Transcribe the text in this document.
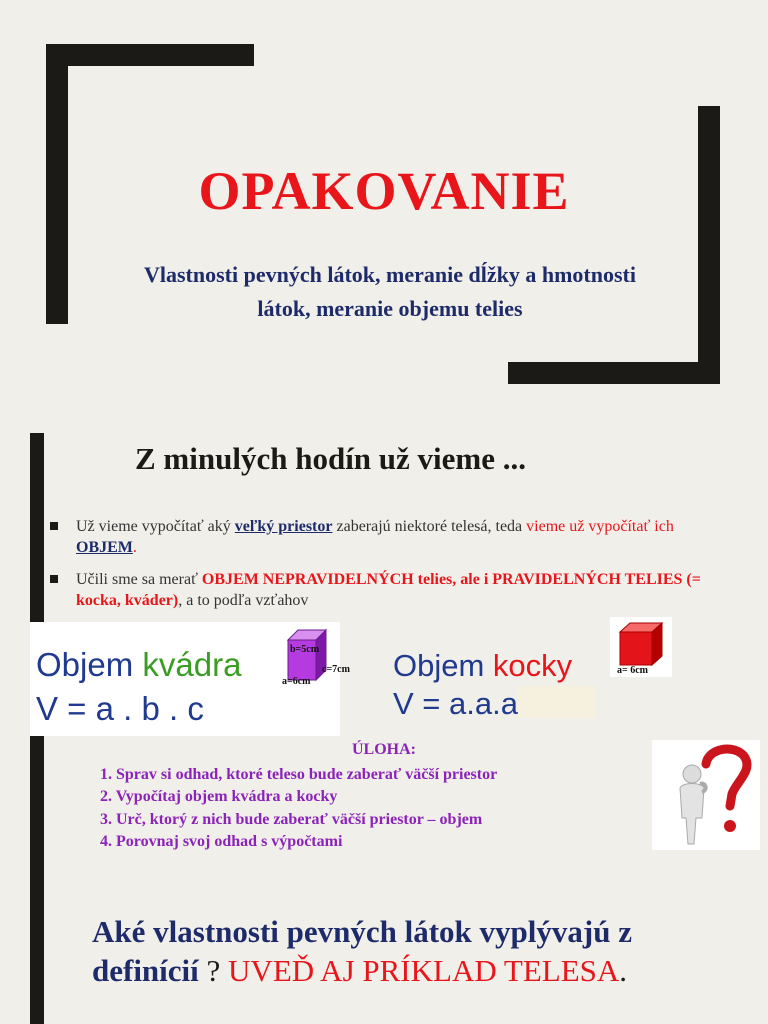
OPAKOVANIE
Vlastnosti pevných látok, meranie dĺžky a hmotnosti
látok, meranie objemu telies
Z minulých hodín už vieme ...
Už vieme vypočítať aký veľký priestor zaberajú niektoré telesá, teda vieme už vypočítať ich OBJEM.
Učili sme sa merať OBJEM NEPRAVIDELNÝCH telies, ale i PRAVIDELNÝCH TELIES (= kocka, kváder), a to podľa vzťahov
Objem kvádra
V = a . b . c
b=5cm
c=7cm
a=6cm	Objem kocky
V = a.a.a
a= 6cm
ÚLOHA:
1. Sprav si odhad, ktoré teleso bude zaberať väčší priestor
2. Vypočítaj objem kvádra a kocky
3. Urč, ktorý z nich bude zaberať väčší priestor – objem
4. Porovnaj svoj odhad s výpočtami
Aké vlastnosti pevných látok vyplývajú z definícií ? UVEĎ AJ PRÍKLAD TELESA.
